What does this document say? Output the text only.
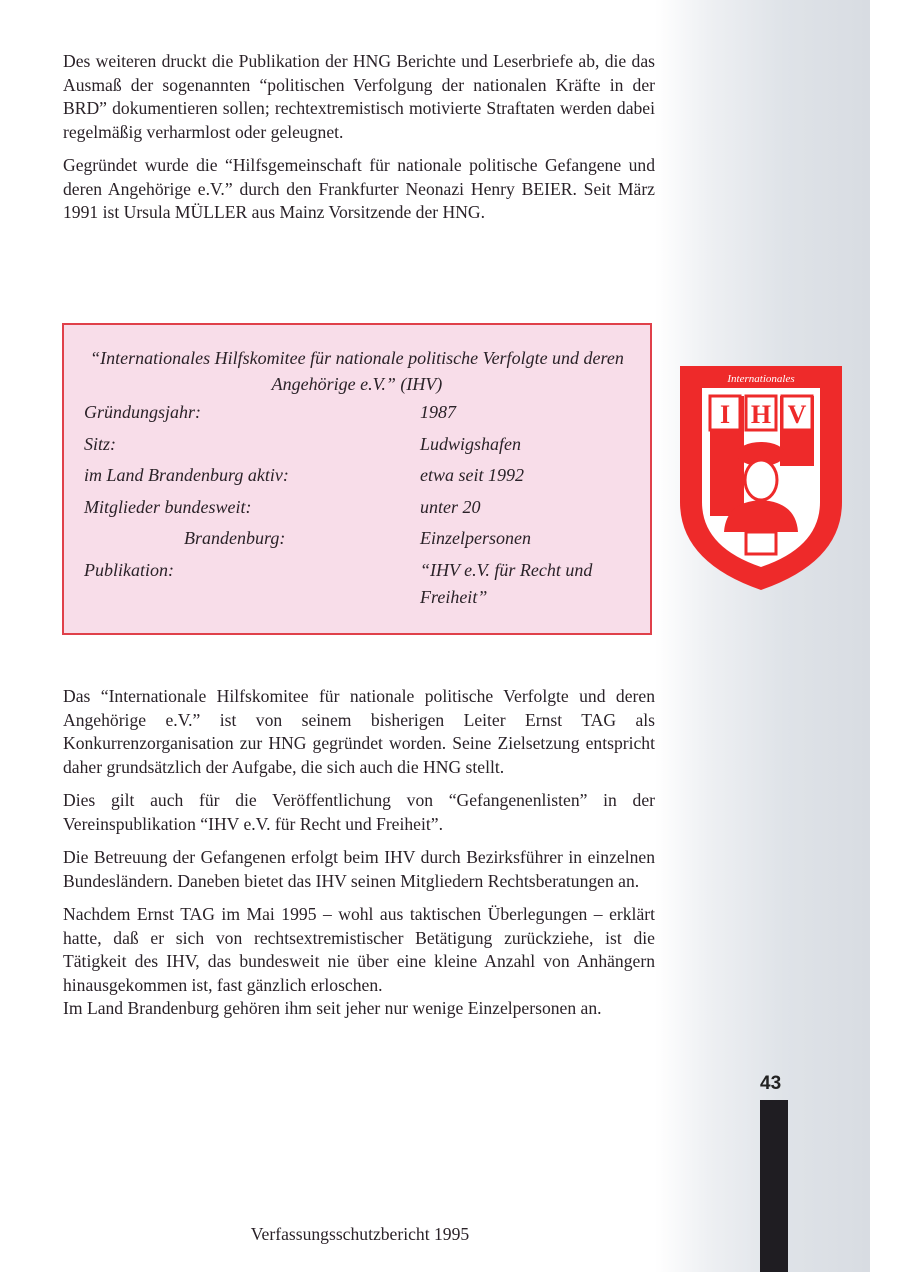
Des weiteren druckt die Publikation der HNG Berichte und Leserbriefe ab, die das Ausmaß der sogenannten “politischen Verfolgung der nationalen Kräfte in der BRD” dokumentieren sollen; rechtextremistisch motivierte Straftaten werden dabei regelmäßig verharmlost oder geleugnet.

Gegründet wurde die “Hilfsgemeinschaft für nationale politische Gefangene und deren Angehörige e.V.” durch den Frankfurter Neonazi Henry BEIER. Seit März 1991 ist Ursula MÜLLER aus Mainz Vorsitzende der HNG.

“Internationales Hilfskomitee für nationale politische Verfolgte und deren Angehörige e.V.” (IHV)
Gründungsjahr:	1987
Sitz:	Ludwigshafen
im Land Brandenburg aktiv:	etwa seit 1992
Mitglieder bundesweit:	unter 20
Brandenburg:	Einzelpersonen
Publikation:	“IHV e.V. für Recht und Freiheit”
I H V
Internationales

Das “Internationale Hilfskomitee für nationale politische Verfolgte und deren Angehörige e.V.” ist von seinem bisherigen Leiter Ernst TAG als Konkurrenzorganisation zur HNG gegründet worden. Seine Zielsetzung entspricht daher grundsätzlich der Aufgabe, die sich auch die HNG stellt.

Dies gilt auch für die Veröffentlichung von “Gefangenenlisten” in der Vereinspublikation “IHV e.V. für Recht und Freiheit”.

Die Betreuung der Gefangenen erfolgt beim IHV durch Bezirksführer in einzelnen Bundesländern. Daneben bietet das IHV seinen Mitgliedern Rechtsberatungen an.

Nachdem Ernst TAG im Mai 1995 – wohl aus taktischen Überlegungen – erklärt hatte, daß er sich von rechtsextremistischer Betätigung zurückziehe, ist die Tätigkeit des IHV, das bundesweit nie über eine kleine Anzahl von Anhängern hinausgekommen ist, fast gänzlich erloschen.

Im Land Brandenburg gehören ihm seit jeher nur wenige Einzelpersonen an.

43
Verfassungsschutzbericht 1995
